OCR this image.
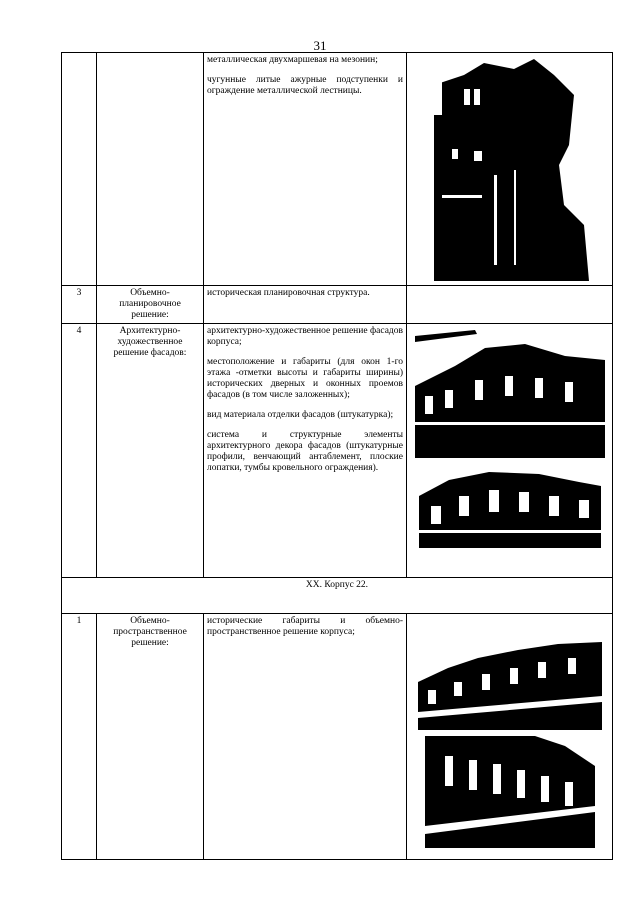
31

		металлическая двухмаршевая на мезонин;

чугунные литые ажурные подступенки и ограждение металлической лестницы.

3	Объемно-планировочное решение:	историческая планировочная структура.	

4	Архитектурно-художественное решение фасадов:	архитектурно-художественное решение фасадов корпуса;

местоположение и габариты (для окон 1-го этажа -отметки высоты и габариты ширины) исторических дверных и оконных проемов фасадов (в том числе заложенных);

вид материала отделки фасадов (штукатурка);

система и структурные элементы архитектурного декора фасадов (штукатурные профили, венчающий антаблемент, плоские лопатки, тумбы кровельного ограждения).

XX. Корпус 22.			
1	Объемно-пространственное решение:	исторические габариты и объемно-пространственное решение корпуса;
